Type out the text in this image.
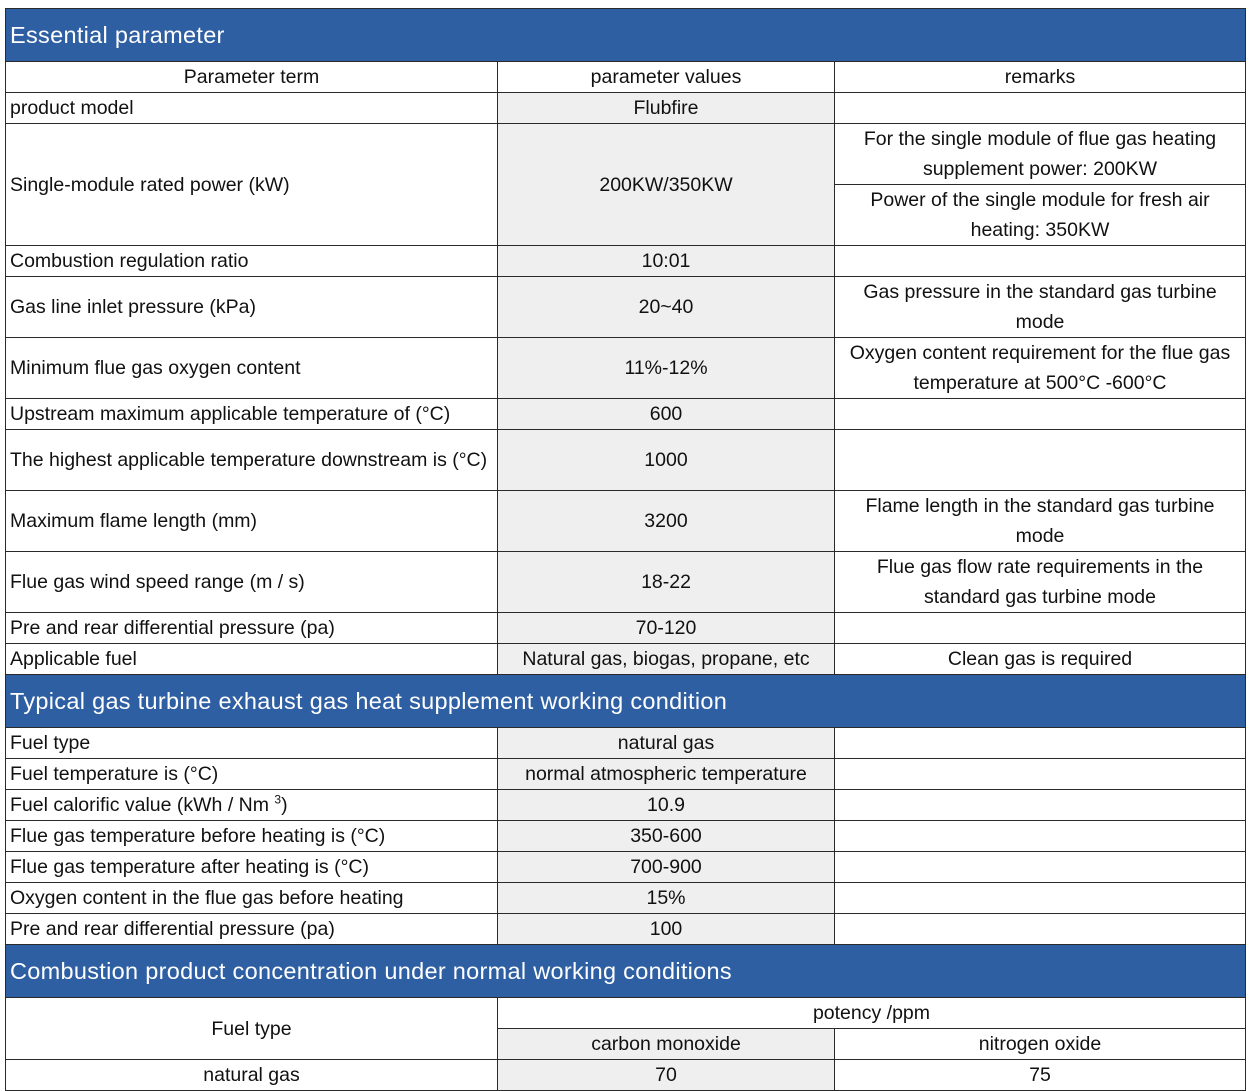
Essential parameter		
Parameter term	parameter values	remarks
product model	Flubfire	
Single-module rated power (kW)	200KW/350KW	For the single module of flue gas heating supplement power: 200KW
		Power of the single module for fresh air heating: 350KW
Combustion regulation ratio	10:01	
Gas line inlet pressure (kPa)	20~40	Gas pressure in the standard gas turbine mode
Minimum flue gas oxygen content	11%-12%	Oxygen content requirement for the flue gas temperature at 500°C -600°C
Upstream maximum applicable temperature of (°C)	600	
The highest applicable temperature downstream is (°C)	1000	
Maximum flame length (mm)	3200	Flame length in the standard gas turbine mode
Flue gas wind speed range (m / s)	18-22	Flue gas flow rate requirements in the standard gas turbine mode
Pre and rear differential pressure (pa)	70-120	
Applicable fuel	Natural gas, biogas, propane, etc	Clean gas is required
Typical gas turbine exhaust gas heat supplement working condition		
Fuel type	natural gas	
Fuel temperature is (°C)	normal atmospheric temperature	
Fuel calorific value (kWh / Nm $^3$)	10.9	
Flue gas temperature before heating is (°C)	350-600	
Flue gas temperature after heating is (°C)	700-900	
Oxygen content in the flue gas before heating	15%	
Pre and rear differential pressure (pa)	100	
Combustion product concentration under normal working conditions		
Fuel type	potency /ppm	
	carbon monoxide	nitrogen oxide
natural gas	70	75
